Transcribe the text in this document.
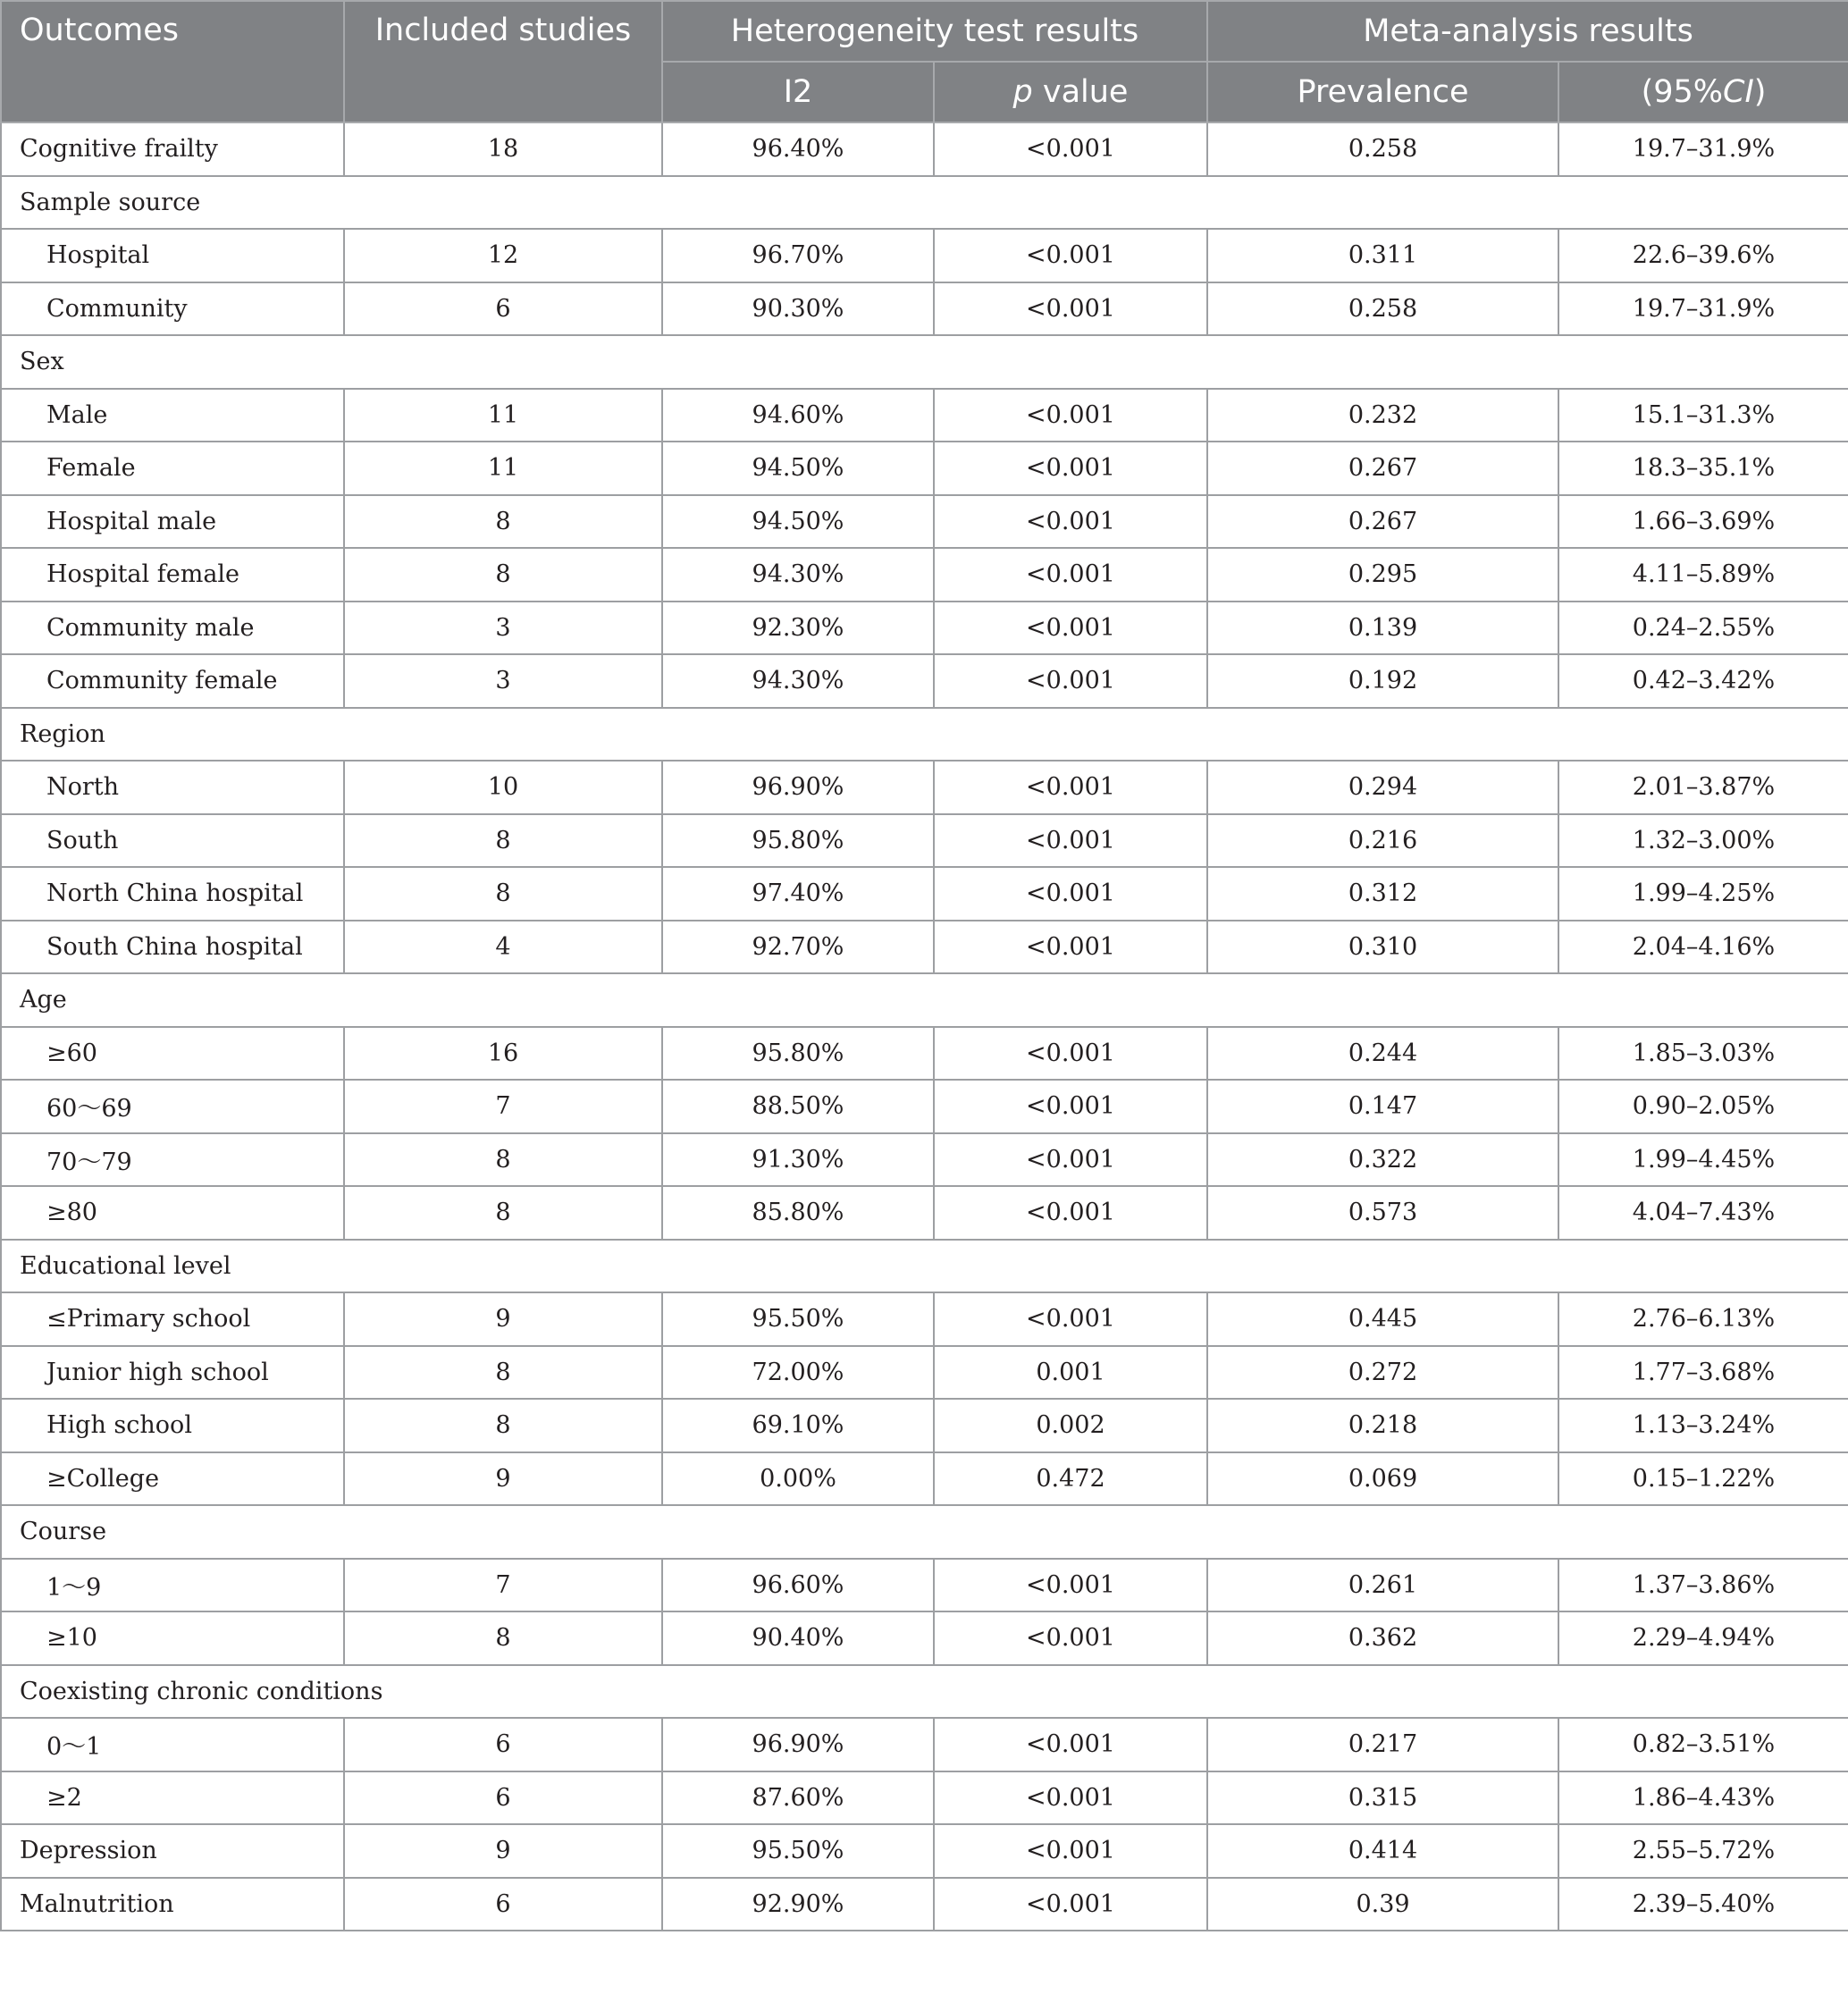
Outcomes	Included studies	Heterogeneity test results		Meta-analysis results	
		I2	p value	Prevalence	(95%CI)
Cognitive frailty	18	96.40%	<0.001	0.258	19.7–31.9%
Sample source					
Hospital	12	96.70%	<0.001	0.311	22.6–39.6%
Community	6	90.30%	<0.001	0.258	19.7–31.9%
Sex					
Male	11	94.60%	<0.001	0.232	15.1–31.3%
Female	11	94.50%	<0.001	0.267	18.3–35.1%
Hospital male	8	94.50%	<0.001	0.267	1.66–3.69%
Hospital female	8	94.30%	<0.001	0.295	4.11–5.89%
Community male	3	92.30%	<0.001	0.139	0.24–2.55%
Community female	3	94.30%	<0.001	0.192	0.42–3.42%
Region					
North	10	96.90%	<0.001	0.294	2.01–3.87%
South	8	95.80%	<0.001	0.216	1.32–3.00%
North China hospital	8	97.40%	<0.001	0.312	1.99–4.25%
South China hospital	4	92.70%	<0.001	0.310	2.04–4.16%
Age					
≥60	16	95.80%	<0.001	0.244	1.85–3.03%
60～69	7	88.50%	<0.001	0.147	0.90–2.05%
70～79	8	91.30%	<0.001	0.322	1.99–4.45%
≥80	8	85.80%	<0.001	0.573	4.04–7.43%
Educational level					
≤Primary school	9	95.50%	<0.001	0.445	2.76–6.13%
Junior high school	8	72.00%	0.001	0.272	1.77–3.68%
High school	8	69.10%	0.002	0.218	1.13–3.24%
≥College	9	0.00%	0.472	0.069	0.15–1.22%
Course					
1～9	7	96.60%	<0.001	0.261	1.37–3.86%
≥10	8	90.40%	<0.001	0.362	2.29–4.94%
Coexisting chronic conditions					
0～1	6	96.90%	<0.001	0.217	0.82–3.51%
≥2	6	87.60%	<0.001	0.315	1.86–4.43%
Depression	9	95.50%	<0.001	0.414	2.55–5.72%
Malnutrition	6	92.90%	<0.001	0.39	2.39–5.40%
